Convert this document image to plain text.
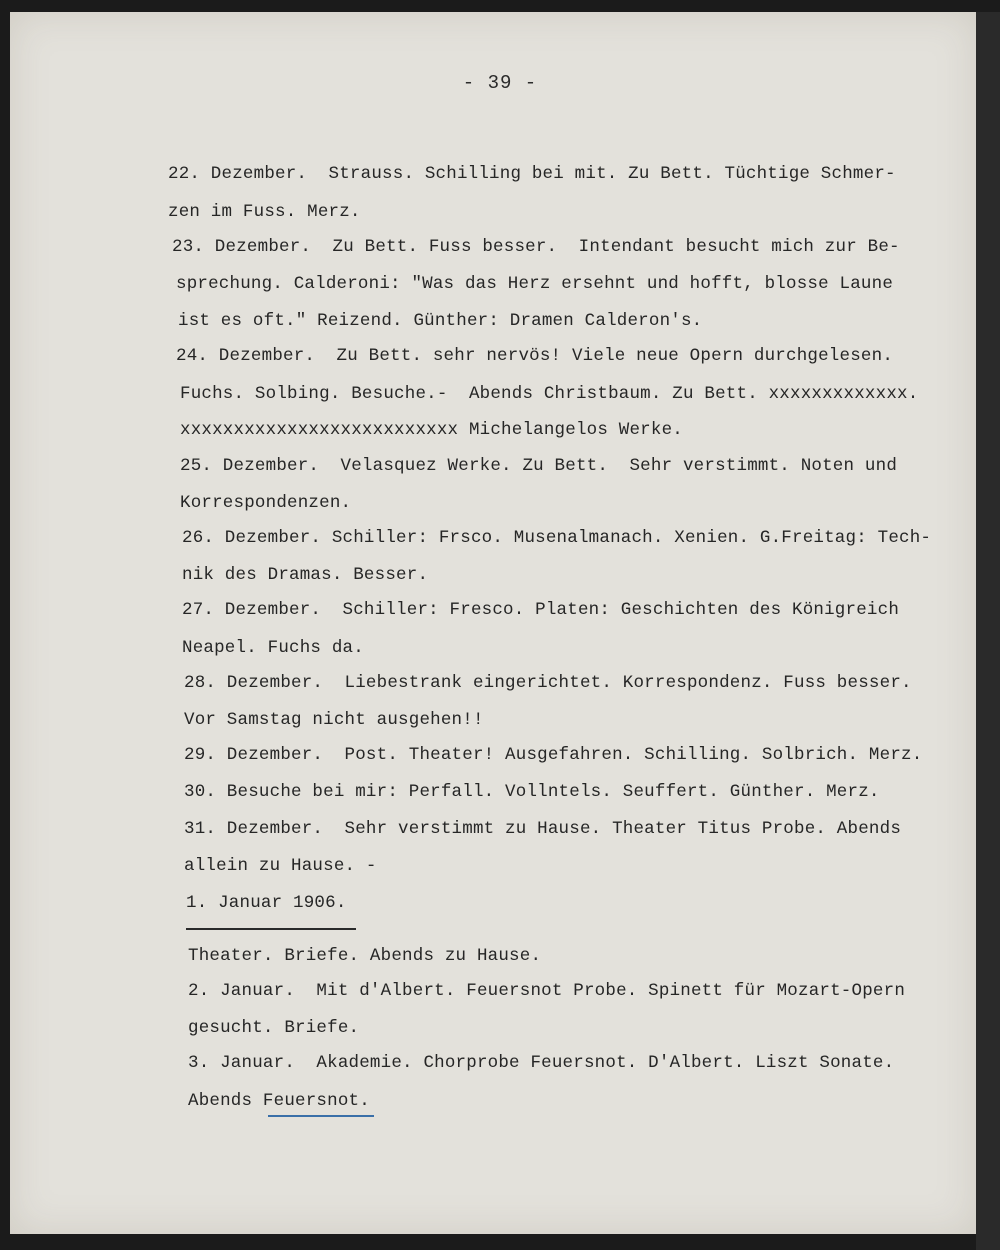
- 39 -
22. Dezember.  Strauss. Schilling bei mit. Zu Bett. Tüchtige Schmer-
zen im Fuss. Merz.
23. Dezember.  Zu Bett. Fuss besser.  Intendant besucht mich zur Be-
sprechung. Calderoni: "Was das Herz ersehnt und hofft, blosse Laune
ist es oft." Reizend. Günther: Dramen Calderon's.
24. Dezember.  Zu Bett. sehr nervös! Viele neue Opern durchgelesen.
Fuchs. Solbing. Besuche.-  Abends Christbaum. Zu Bett. xxxxxxxxxxxxx.
xxxxxxxxxxxxxxxxxxxxxxxxxx Michelangelos Werke.
25. Dezember.  Velasquez Werke. Zu Bett.  Sehr verstimmt. Noten und
Korrespondenzen.
26. Dezember. Schiller: Frsco. Musenalmanach. Xenien. G.Freitag: Tech-
nik des Dramas. Besser.
27. Dezember.  Schiller: Fresco. Platen: Geschichten des Königreich
Neapel. Fuchs da.
28. Dezember.  Liebestrank eingerichtet. Korrespondenz. Fuss besser.
Vor Samstag nicht ausgehen!!
29. Dezember.  Post. Theater! Ausgefahren. Schilling. Solbrich. Merz.
30. Besuche bei mir: Perfall. Vollntels. Seuffert. Günther. Merz.
31. Dezember.  Sehr verstimmt zu Hause. Theater Titus Probe. Abends
allein zu Hause. -
1. Januar 1906.
Theater. Briefe. Abends zu Hause.
2. Januar.  Mit d'Albert. Feuersnot Probe. Spinett für Mozart-Opern
gesucht. Briefe.
3. Januar.  Akademie. Chorprobe Feuersnot. D'Albert. Liszt Sonate.
Abends Feuersnot.
